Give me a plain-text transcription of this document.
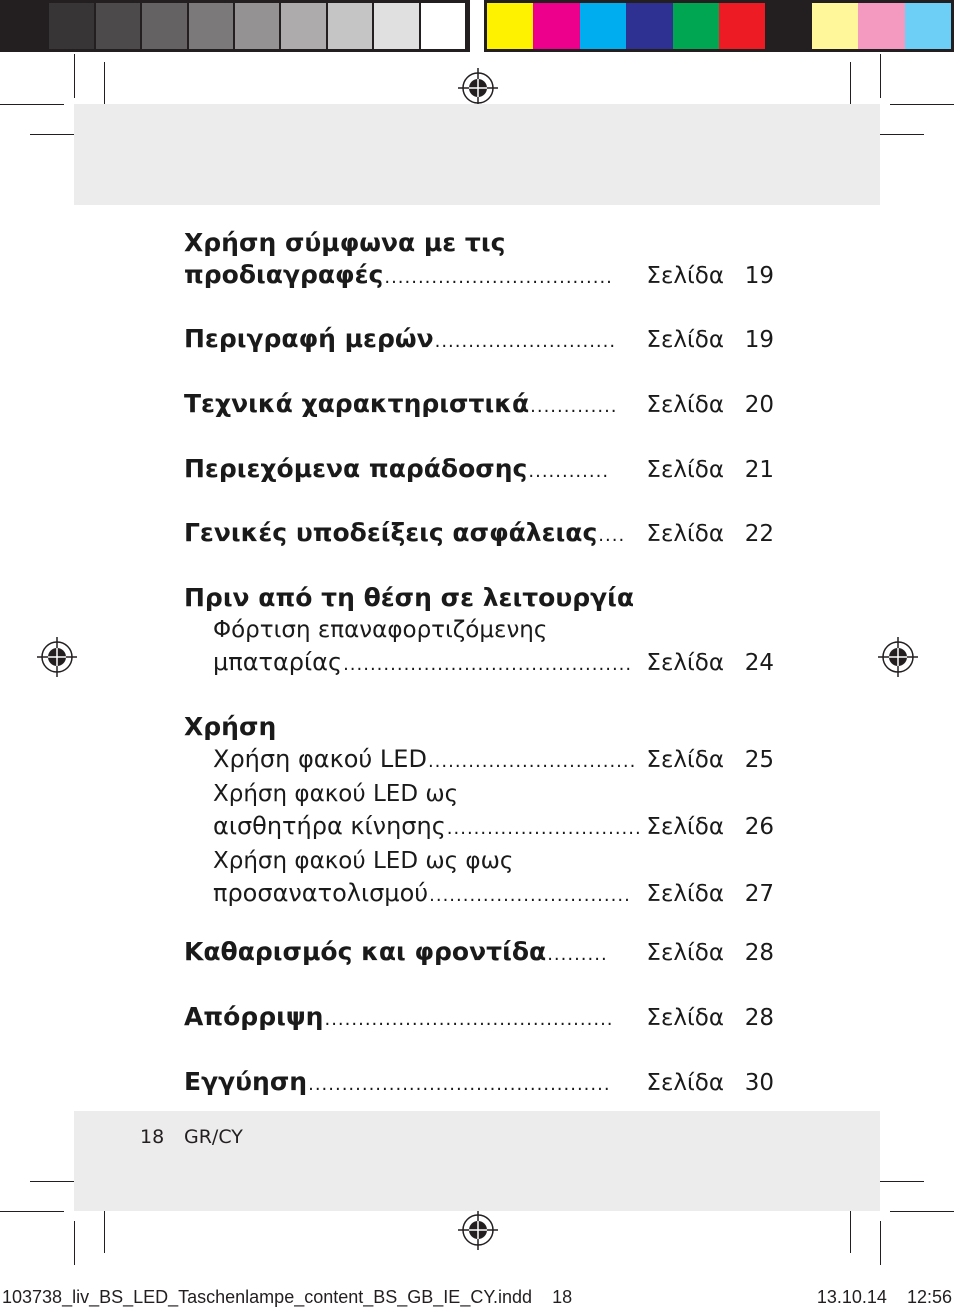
Χρήση σύμφωνα με τις
προδιαγραφές ..................................	Σελίδα 19
Περιγραφή μερών ...........................	Σελίδα 19
Τεχνικά χαρακτηριστικά .............	Σελίδα 20
Περιεχόμενα παράδοσης ............	Σελίδα 21
Γενικές υποδείξεις ασφάλειας .... Σελίδα 22
Πριν από τη θέση σε λειτουργία
Φόρτιση επαναφορτιζόμενης
μπαταρίας ........................................... Σελίδα 24
Χρήση
Χρήση φακού LED ............................... Σελίδα 25
Χρήση φακού LED ως
αισθητήρα κίνησης ............................. Σελίδα 26
Χρήση φακού LED ως φως
προσανατολισμού .............................. Σελίδα 27
Καθαρισμός και φροντίδα .........	Σελίδα 28
Απόρριψη ...........................................	Σελίδα 28
Εγγύηση .............................................	Σελίδα 30
18 GR/CY
103738_liv_BS_LED_Taschenlampe_content_BS_GB_IE_CY.indd 18	13.10.14 12:56
